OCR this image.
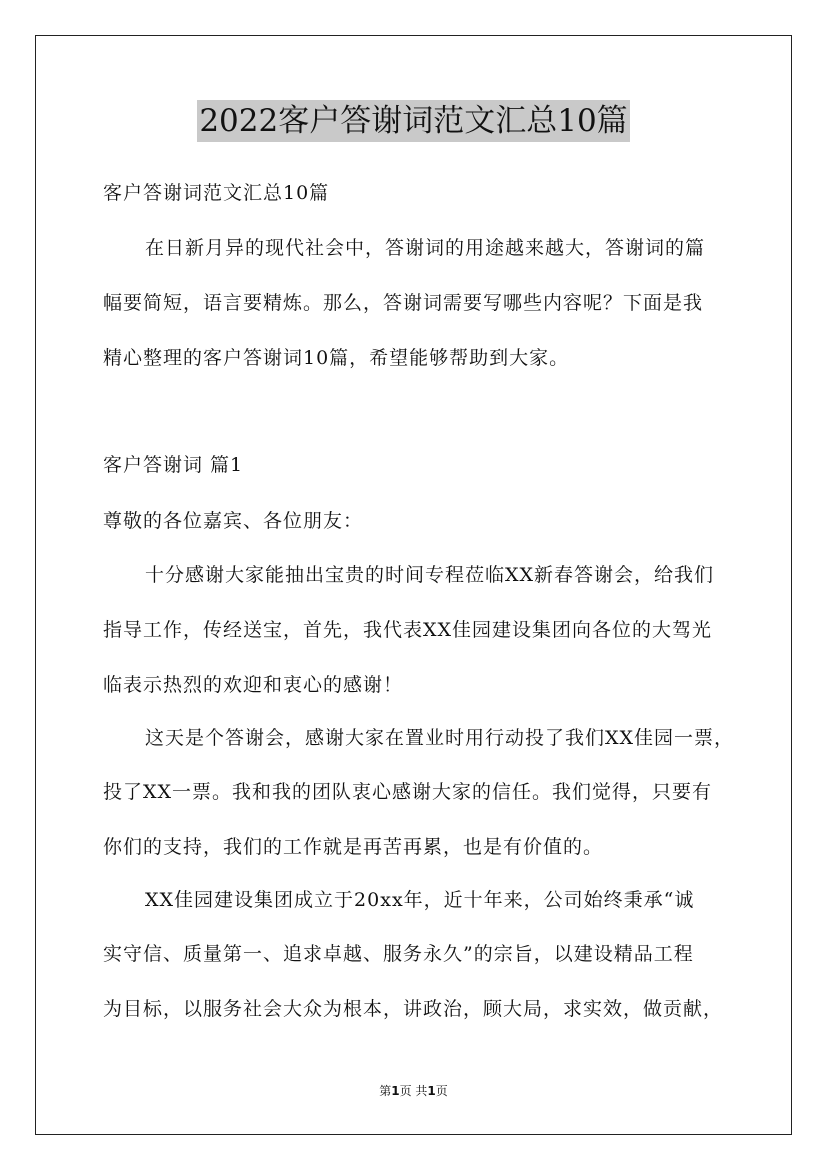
2022客户答谢词范文汇总10篇
客户答谢词范文汇总10篇
在日新月异的现代社会中，答谢词的用途越来越大，答谢词的篇
幅要简短，语言要精炼。那么，答谢词需要写哪些内容呢？下面是我
精心整理的客户答谢词10篇，希望能够帮助到大家。
客户答谢词 篇1
尊敬的各位嘉宾、各位朋友：
十分感谢大家能抽出宝贵的时间专程莅临XX新春答谢会，给我们
指导工作，传经送宝，首先，我代表XX佳园建设集团向各位的大驾光
临表示热烈的欢迎和衷心的感谢！
这天是个答谢会，感谢大家在置业时用行动投了我们XX佳园一票，
投了XX一票。我和我的团队衷心感谢大家的信任。我们觉得，只要有
你们的支持，我们的工作就是再苦再累，也是有价值的。
XX佳园建设集团成立于20xx年，近十年来，公司始终秉承“诚
实守信、质量第一、追求卓越、服务永久”的宗旨，以建设精品工程
为目标，以服务社会大众为根本，讲政治，顾大局，求实效，做贡献，
第1页 共1页
